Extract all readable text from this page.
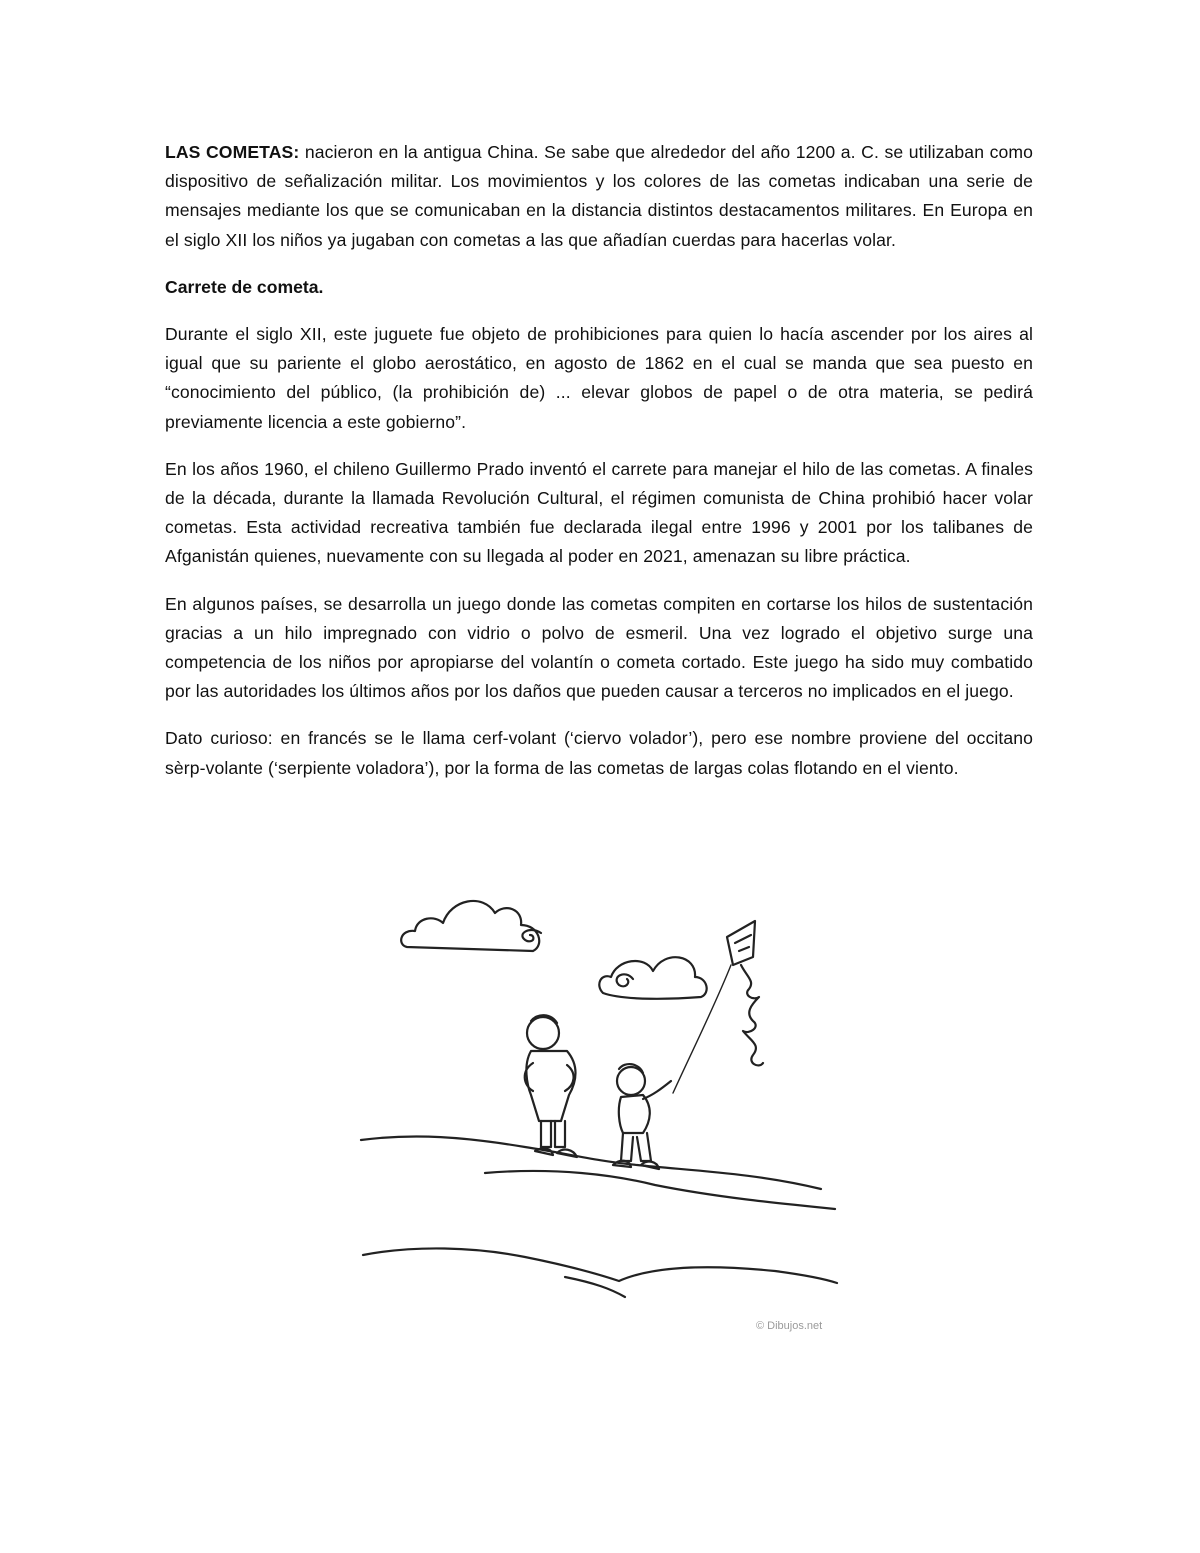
LAS COMETAS: nacieron en la antigua China. Se sabe que alrededor del año 1200 a. C. se utilizaban como dispositivo de señalización militar. Los movimientos y los colores de las cometas indicaban una serie de mensajes mediante los que se comunicaban en la distancia distintos destacamentos militares. En Europa en el siglo XII los niños ya jugaban con cometas a las que añadían cuerdas para hacerlas volar.

Carrete de cometa.

Durante el siglo XII, este juguete fue objeto de prohibiciones para quien lo hacía ascender por los aires al igual que su pariente el globo aerostático, en agosto de 1862 en el cual se manda que sea puesto en “conocimiento del público, (la prohibición de) ... elevar globos de papel o de otra materia, se pedirá previamente licencia a este gobierno”.

En los años 1960, el chileno Guillermo Prado inventó el carrete para manejar el hilo de las cometas. A finales de la década, durante la llamada Revolución Cultural, el régimen comunista de China prohibió hacer volar cometas. Esta actividad recreativa también fue declarada ilegal entre 1996 y 2001 por los talibanes de Afganistán quienes, nuevamente con su llegada al poder en 2021, amenazan su libre práctica.

En algunos países, se desarrolla un juego donde las cometas compiten en cortarse los hilos de sustentación gracias a un hilo impregnado con vidrio o polvo de esmeril. Una vez logrado el objetivo surge una competencia de los niños por apropiarse del volantín o cometa cortado. Este juego ha sido muy combatido por las autoridades los últimos años por los daños que pueden causar a terceros no implicados en el juego.

Dato curioso: en francés se le llama cerf-volant (‘ciervo volador’), pero ese nombre proviene del occitano sèrp-volante (‘serpiente voladora’), por la forma de las cometas de largas colas flotando en el viento.

© Dibujos.net
